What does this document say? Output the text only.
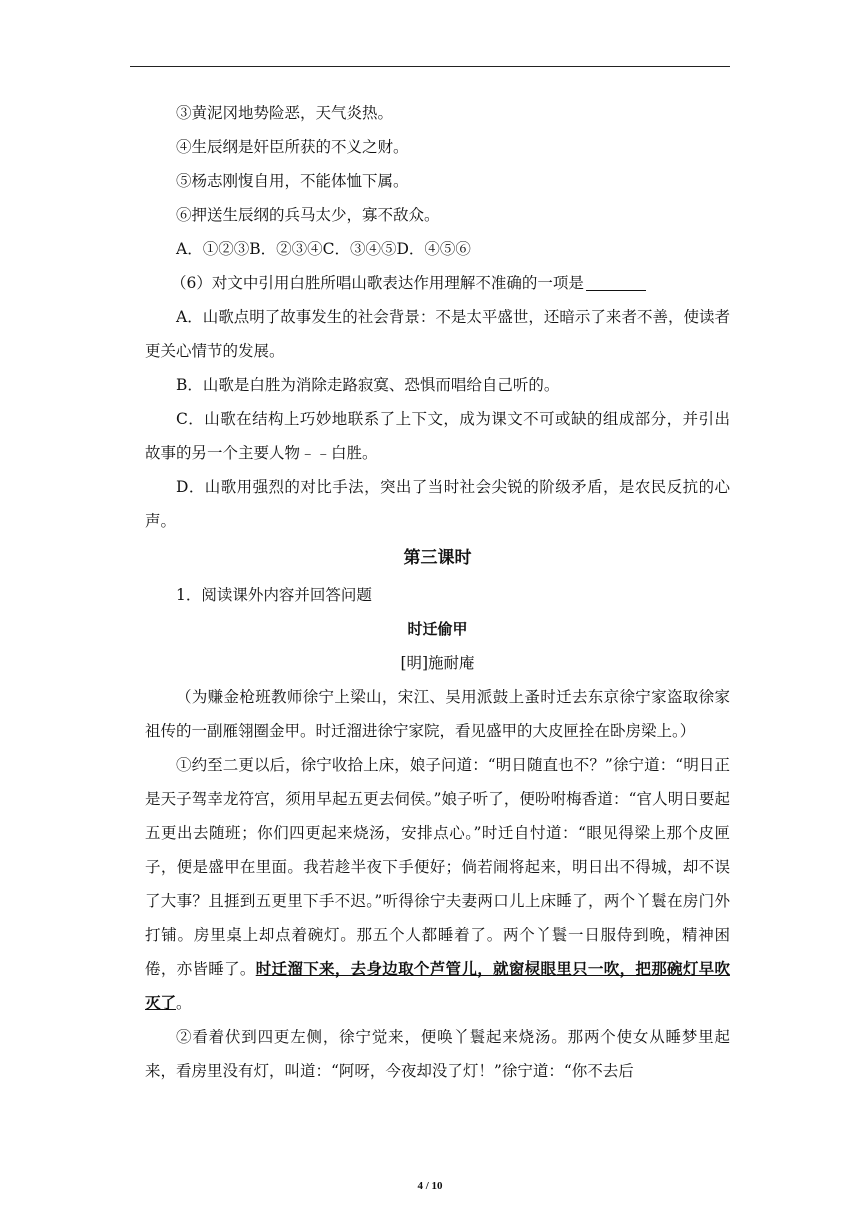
③黄泥冈地势险恶，天气炎热。

④生辰纲是奸臣所获的不义之财。

⑤杨志刚愎自用，不能体恤下属。

⑥押送生辰纲的兵马太少，寡不敌众。

A．①②③B．②③④C．③④⑤D．④⑤⑥

（6）对文中引用白胜所唱山歌表达作用理解不准确的一项是

A．山歌点明了故事发生的社会背景：不是太平盛世，还暗示了来者不善，使读者更关心情节的发展。

B．山歌是白胜为消除走路寂寞、恐惧而唱给自己听的。

C．山歌在结构上巧妙地联系了上下文，成为课文不可或缺的组成部分，并引出故事的另一个主要人物﹣﹣白胜。

D．山歌用强烈的对比手法，突出了当时社会尖锐的阶级矛盾，是农民反抗的心声。

第三课时

1．阅读课外内容并回答问题

时迁偷甲

[明]施耐庵

（为赚金枪班教师徐宁上梁山，宋江、吴用派鼓上蚤时迁去东京徐宁家盗取徐家祖传的一副雁翎圈金甲。时迁溜进徐宁家院，看见盛甲的大皮匣拴在卧房梁上。）

①约至二更以后，徐宁收拾上床，娘子问道：“明日随直也不？”徐宁道：“明日正是天子驾幸龙符宫，须用早起五更去伺侯。”娘子听了，便吩咐梅香道：“官人明日要起五更出去随班；你们四更起来烧汤，安排点心。”时迁自忖道：“眼见得梁上那个皮匣子，便是盛甲在里面。我若趁半夜下手便好；倘若闹将起来，明日出不得城，却不误了大事？且捱到五更里下手不迟。”听得徐宁夫妻两口儿上床睡了，两个丫鬟在房门外打铺。房里桌上却点着碗灯。那五个人都睡着了。两个丫鬟一日服侍到晚，精神困倦，亦皆睡了。时迁溜下来，去身边取个芦管儿，就窗棂眼里只一吹，把那碗灯早吹灭了。

②看着伏到四更左侧，徐宁觉来，便唤丫鬟起来烧汤。那两个使女从睡梦里起来，看房里没有灯，叫道：“阿呀，今夜却没了灯！”徐宁道：“你不去后

4 / 10
